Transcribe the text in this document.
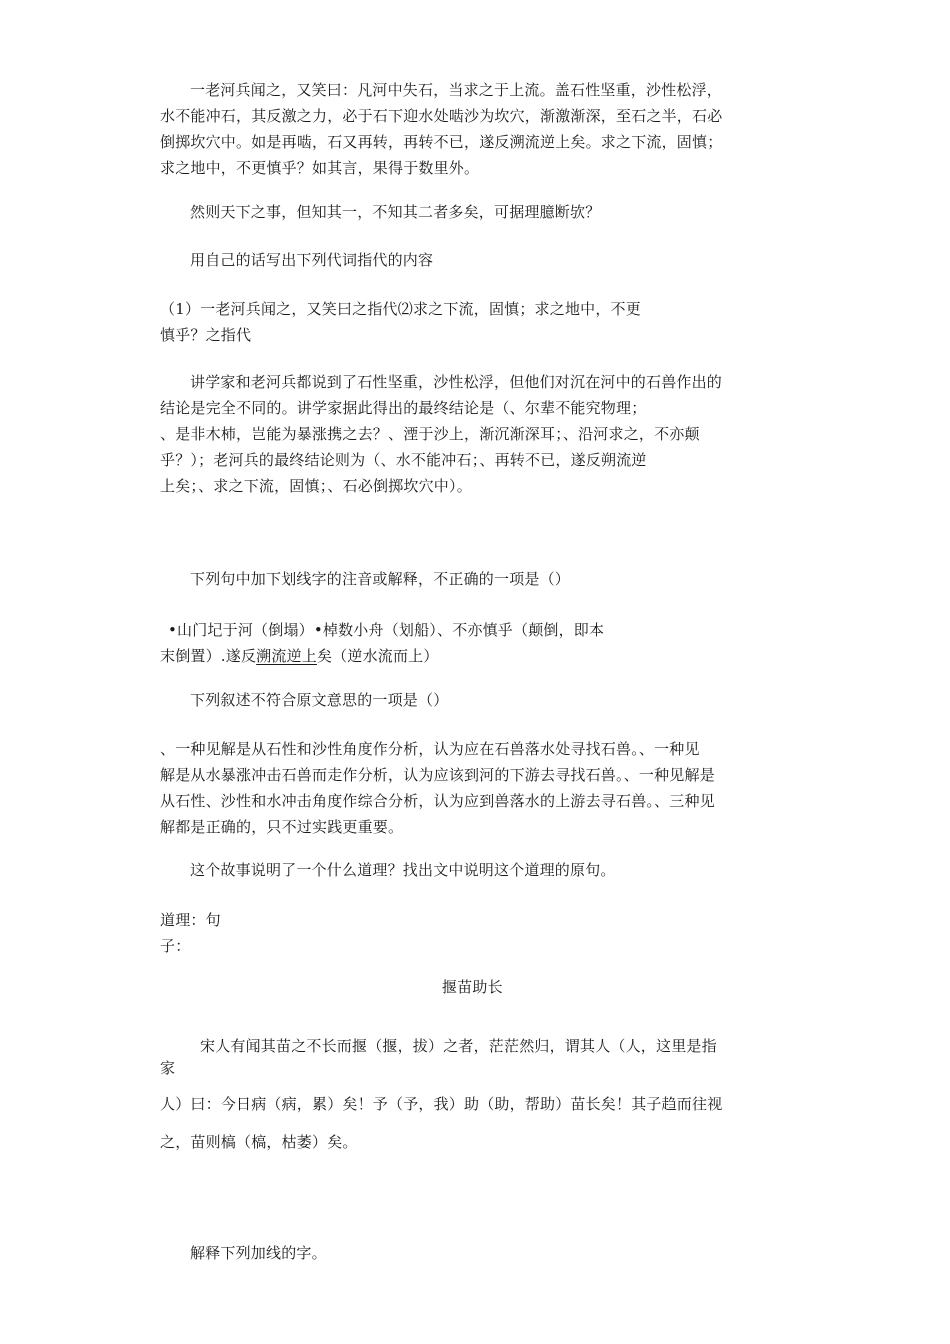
一老河兵闻之，又笑曰：凡河中失石，当求之于上流。盖石性坚重，沙性松浮，
水不能冲石，其反激之力，必于石下迎水处啮沙为坎穴，渐激渐深，至石之半，石必
倒掷坎穴中。如是再啮，石又再转，再转不已，遂反溯流逆上矣。求之下流，固慎；
求之地中，不更慎乎？如其言，果得于数里外。
然则天下之事，但知其一，不知其二者多矣，可据理臆断欤？
用自己的话写出下列代词指代的内容
（1）一老河兵闻之，又笑曰之指代⑵求之下流，固慎；求之地中，不更
慎乎？之指代
讲学家和老河兵都说到了石性坚重，沙性松浮，但他们对沉在河中的石兽作出的
结论是完全不同的。讲学家据此得出的最终结论是（、尔辈不能究物理；
、是非木杮，岂能为暴涨携之去？、湮于沙上，渐沉渐深耳；、沿河求之，不亦颠
乎？）；老河兵的最终结论则为（、水不能冲石；、再转不已，遂反朔流逆
上矣；、求之下流，固慎；、石必倒掷坎穴中）。
下列句中加下划线字的注音或解释，不正确的一项是（）
•山门圮于河（倒塌）•棹数小舟（划船）、不亦慎乎（颠倒，即本
末倒置）.遂反溯流逆上矣（逆水流而上）
下列叙述不符合原文意思的一项是（）
、一种见解是从石性和沙性角度作分析，认为应在石兽落水处寻找石兽。、一种见
解是从水暴涨冲击石兽而走作分析，认为应该到河的下游去寻找石兽。、一种见解是
从石性、沙性和水冲击角度作综合分析，认为应到兽落水的上游去寻石兽。、三种见
解都是正确的，只不过实践更重要。
这个故事说明了一个什么道理？找出文中说明这个道理的原句。
道理：句
子：
揠苗助长
宋人有闻其苗之不长而揠（揠，拔）之者，茫茫然归，谓其人（人，这里是指
家
人）曰：今日病（病，累）矣！予（予，我）助（助，帮助）苗长矣！其子趋而往视
之，苗则槁（槁，枯萎）矣。
解释下列加线的字。
